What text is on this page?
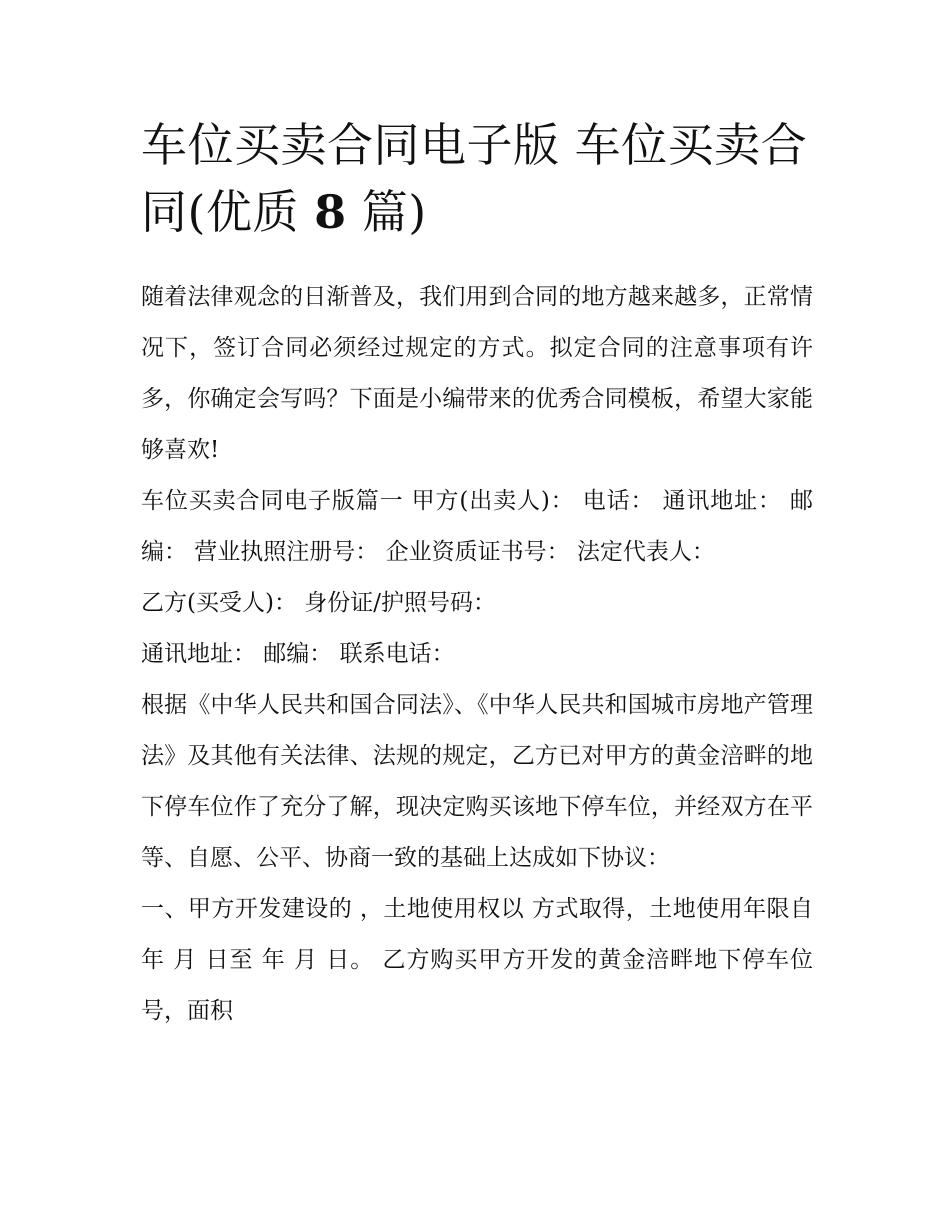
车位买卖合同电子版 车位买卖合同(优质 8 篇)

随着法律观念的日渐普及，我们用到合同的地方越来越多，正常情况下，签订合同必须经过规定的方式。拟定合同的注意事项有许多，你确定会写吗？下面是小编带来的优秀合同模板，希望大家能够喜欢!

车位买卖合同电子版篇一 甲方(出卖人)： 电话： 通讯地址： 邮编： 营业执照注册号： 企业资质证书号： 法定代表人：

乙方(买受人)： 身份证/护照号码：

通讯地址： 邮编： 联系电话：

根据《中华人民共和国合同法》、《中华人民共和国城市房地产管理法》及其他有关法律、法规的规定，乙方已对甲方的黄金涪畔的地下停车位作了充分了解，现决定购买该地下停车位，并经双方在平等、自愿、公平、协商一致的基础上达成如下协议：

一、甲方开发建设的 ，土地使用权以 方式取得，土地使用年限自 年 月 日至 年 月 日。 乙方购买甲方开发的黄金涪畔地下停车位 号，面积
